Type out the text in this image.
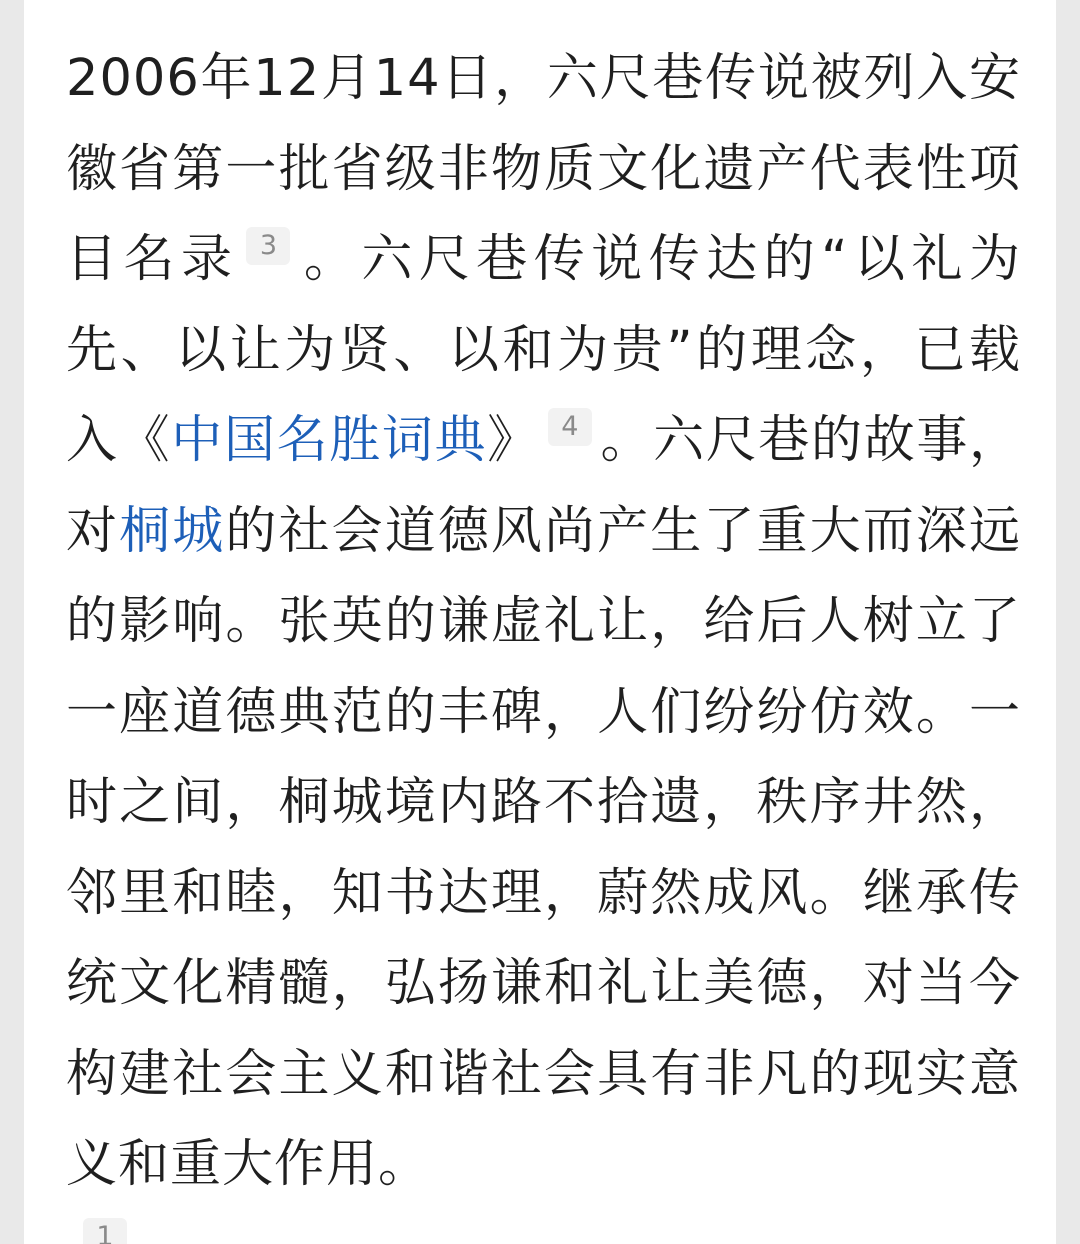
2006年12月14日，六尺巷传说被列入安徽省第一批省级非物质文化遗产代表性项目名录 3 。六尺巷传说传达的“以礼为先、以让为贤、以和为贵”的理念，已载入《中国名胜词典》 4 。六尺巷的故事，对桐城的社会道德风尚产生了重大而深远的影响。张英的谦虚礼让，给后人树立了一座道德典范的丰碑，人们纷纷仿效。一时之间，桐城境内路不拾遗，秩序井然，邻里和睦，知书达理，蔚然成风。继承传统文化精髓，弘扬谦和礼让美德，对当今构建社会主义和谐社会具有非凡的现实意义和重大作用。

1
